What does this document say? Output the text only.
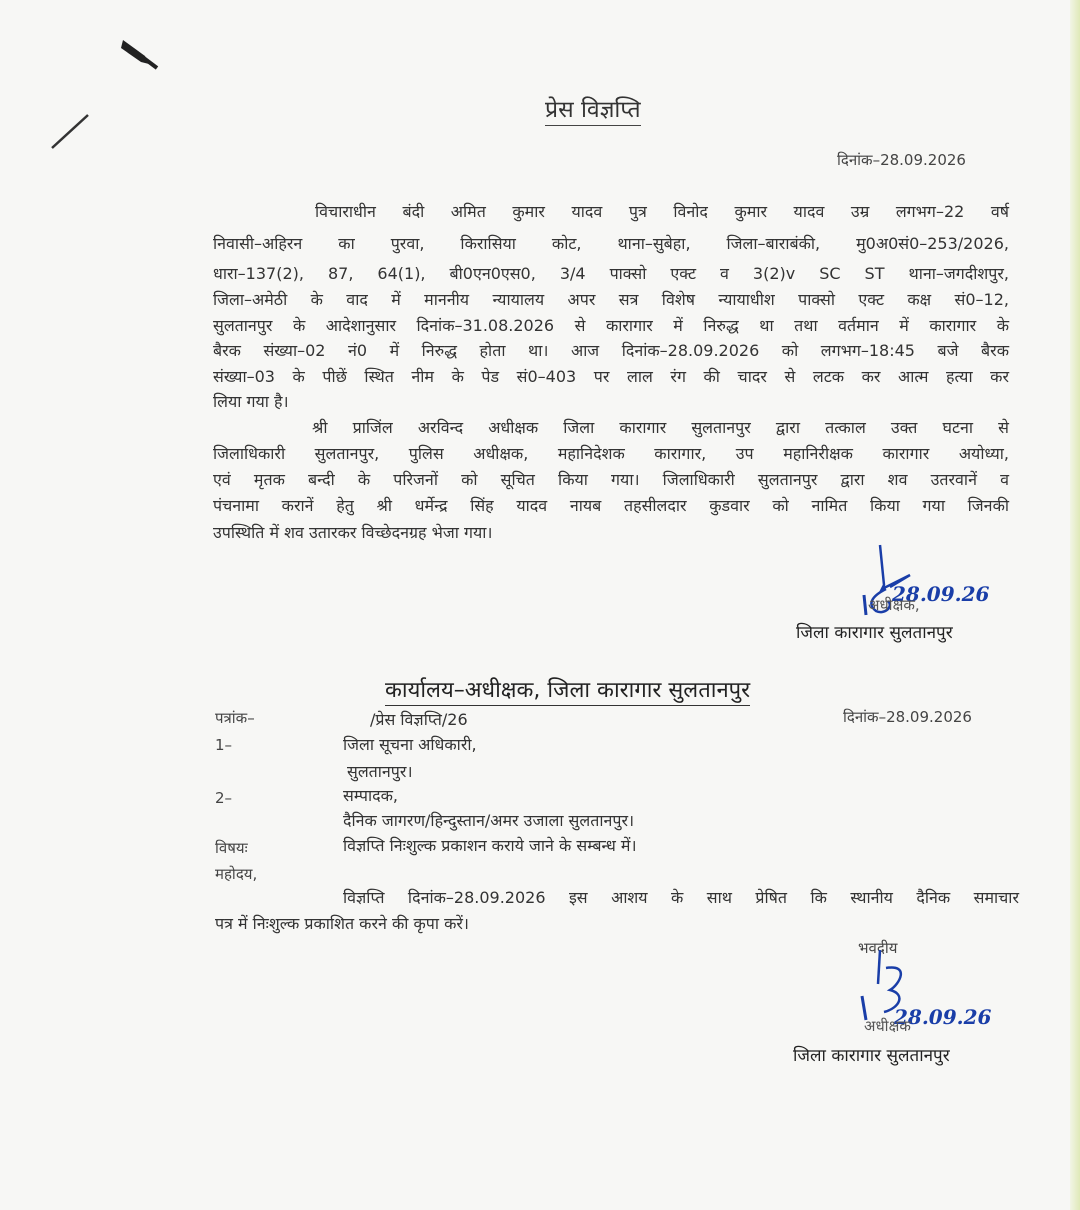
प्रेस विज्ञप्ति
दिनांक–28.09.2026
विचाराधीन बंदी अमित कुमार यादव पुत्र विनोद कुमार यादव उम्र लगभग–22 वर्ष
निवासी–अहिरन का पुरवा, किरासिया कोट, थाना–सुबेहा, जिला–बाराबंकी, मु0अ0सं0–253/2026,
धारा–137(2), 87, 64(1), बी0एन0एस0, 3/4 पाक्सो एक्ट व 3(2)v SC ST थाना–जगदीशपुर,
जिला–अमेठी के वाद में माननीय न्यायालय अपर सत्र विशेष न्यायाधीश पाक्सो एक्ट कक्ष सं0–12,
सुलतानपुर के आदेशानुसार दिनांक–31.08.2026 से कारागार में निरुद्ध था तथा वर्तमान में कारागार के
बैरक संख्या–02 नं0 में निरुद्ध होता था। आज दिनांक–28.09.2026 को लगभग–18:45 बजे बैरक
संख्या–03 के पीछें स्थित नीम के पेड सं0–403 पर लाल रंग की चादर से लटक कर आत्म हत्या कर
लिया गया है।
श्री प्राजिंल अरविन्द अधीक्षक जिला कारागार सुलतानपुर द्वारा तत्काल उक्त घटना से
जिलाधिकारी सुलतानपुर, पुलिस अधीक्षक, महानिदेशक कारागार, उप महानिरीक्षक कारागार अयोध्या,
एवं मृतक बन्दी के परिजनों को सूचित किया गया। जिलाधिकारी सुलतानपुर द्वारा शव उतरवानें व
पंचनामा करानें हेतु श्री धर्मेन्द्र सिंह यादव नायब तहसीलदार कुडवार को नामित किया गया जिनकी
उपस्थिति में शव उतारकर विच्छेदनग्रह भेजा गया।
28.09.26
अधीक्षक,
जिला कारागार सुलतानपुर
कार्यालय–अधीक्षक, जिला कारागार सुलतानपुर
पत्रांक–	/प्रेस विज्ञप्ति/26	दिनांक–28.09.2026
1–	जिला सूचना अधिकारी,
सुलतानपुर।
2–	सम्पादक,
दैनिक जागरण/हिन्दुस्तान/अमर उजाला सुलतानपुर।
विषयः	विज्ञप्ति निःशुल्क प्रकाशन कराये जाने के सम्बन्ध में।
महोदय,
विज्ञप्ति दिनांक–28.09.2026 इस आशय के साथ प्रेषित कि स्थानीय दैनिक समाचार
पत्र में निःशुल्क प्रकाशित करने की कृपा करें।
भवदीय
28.09.26
अधीक्षक
जिला कारागार सुलतानपुर
